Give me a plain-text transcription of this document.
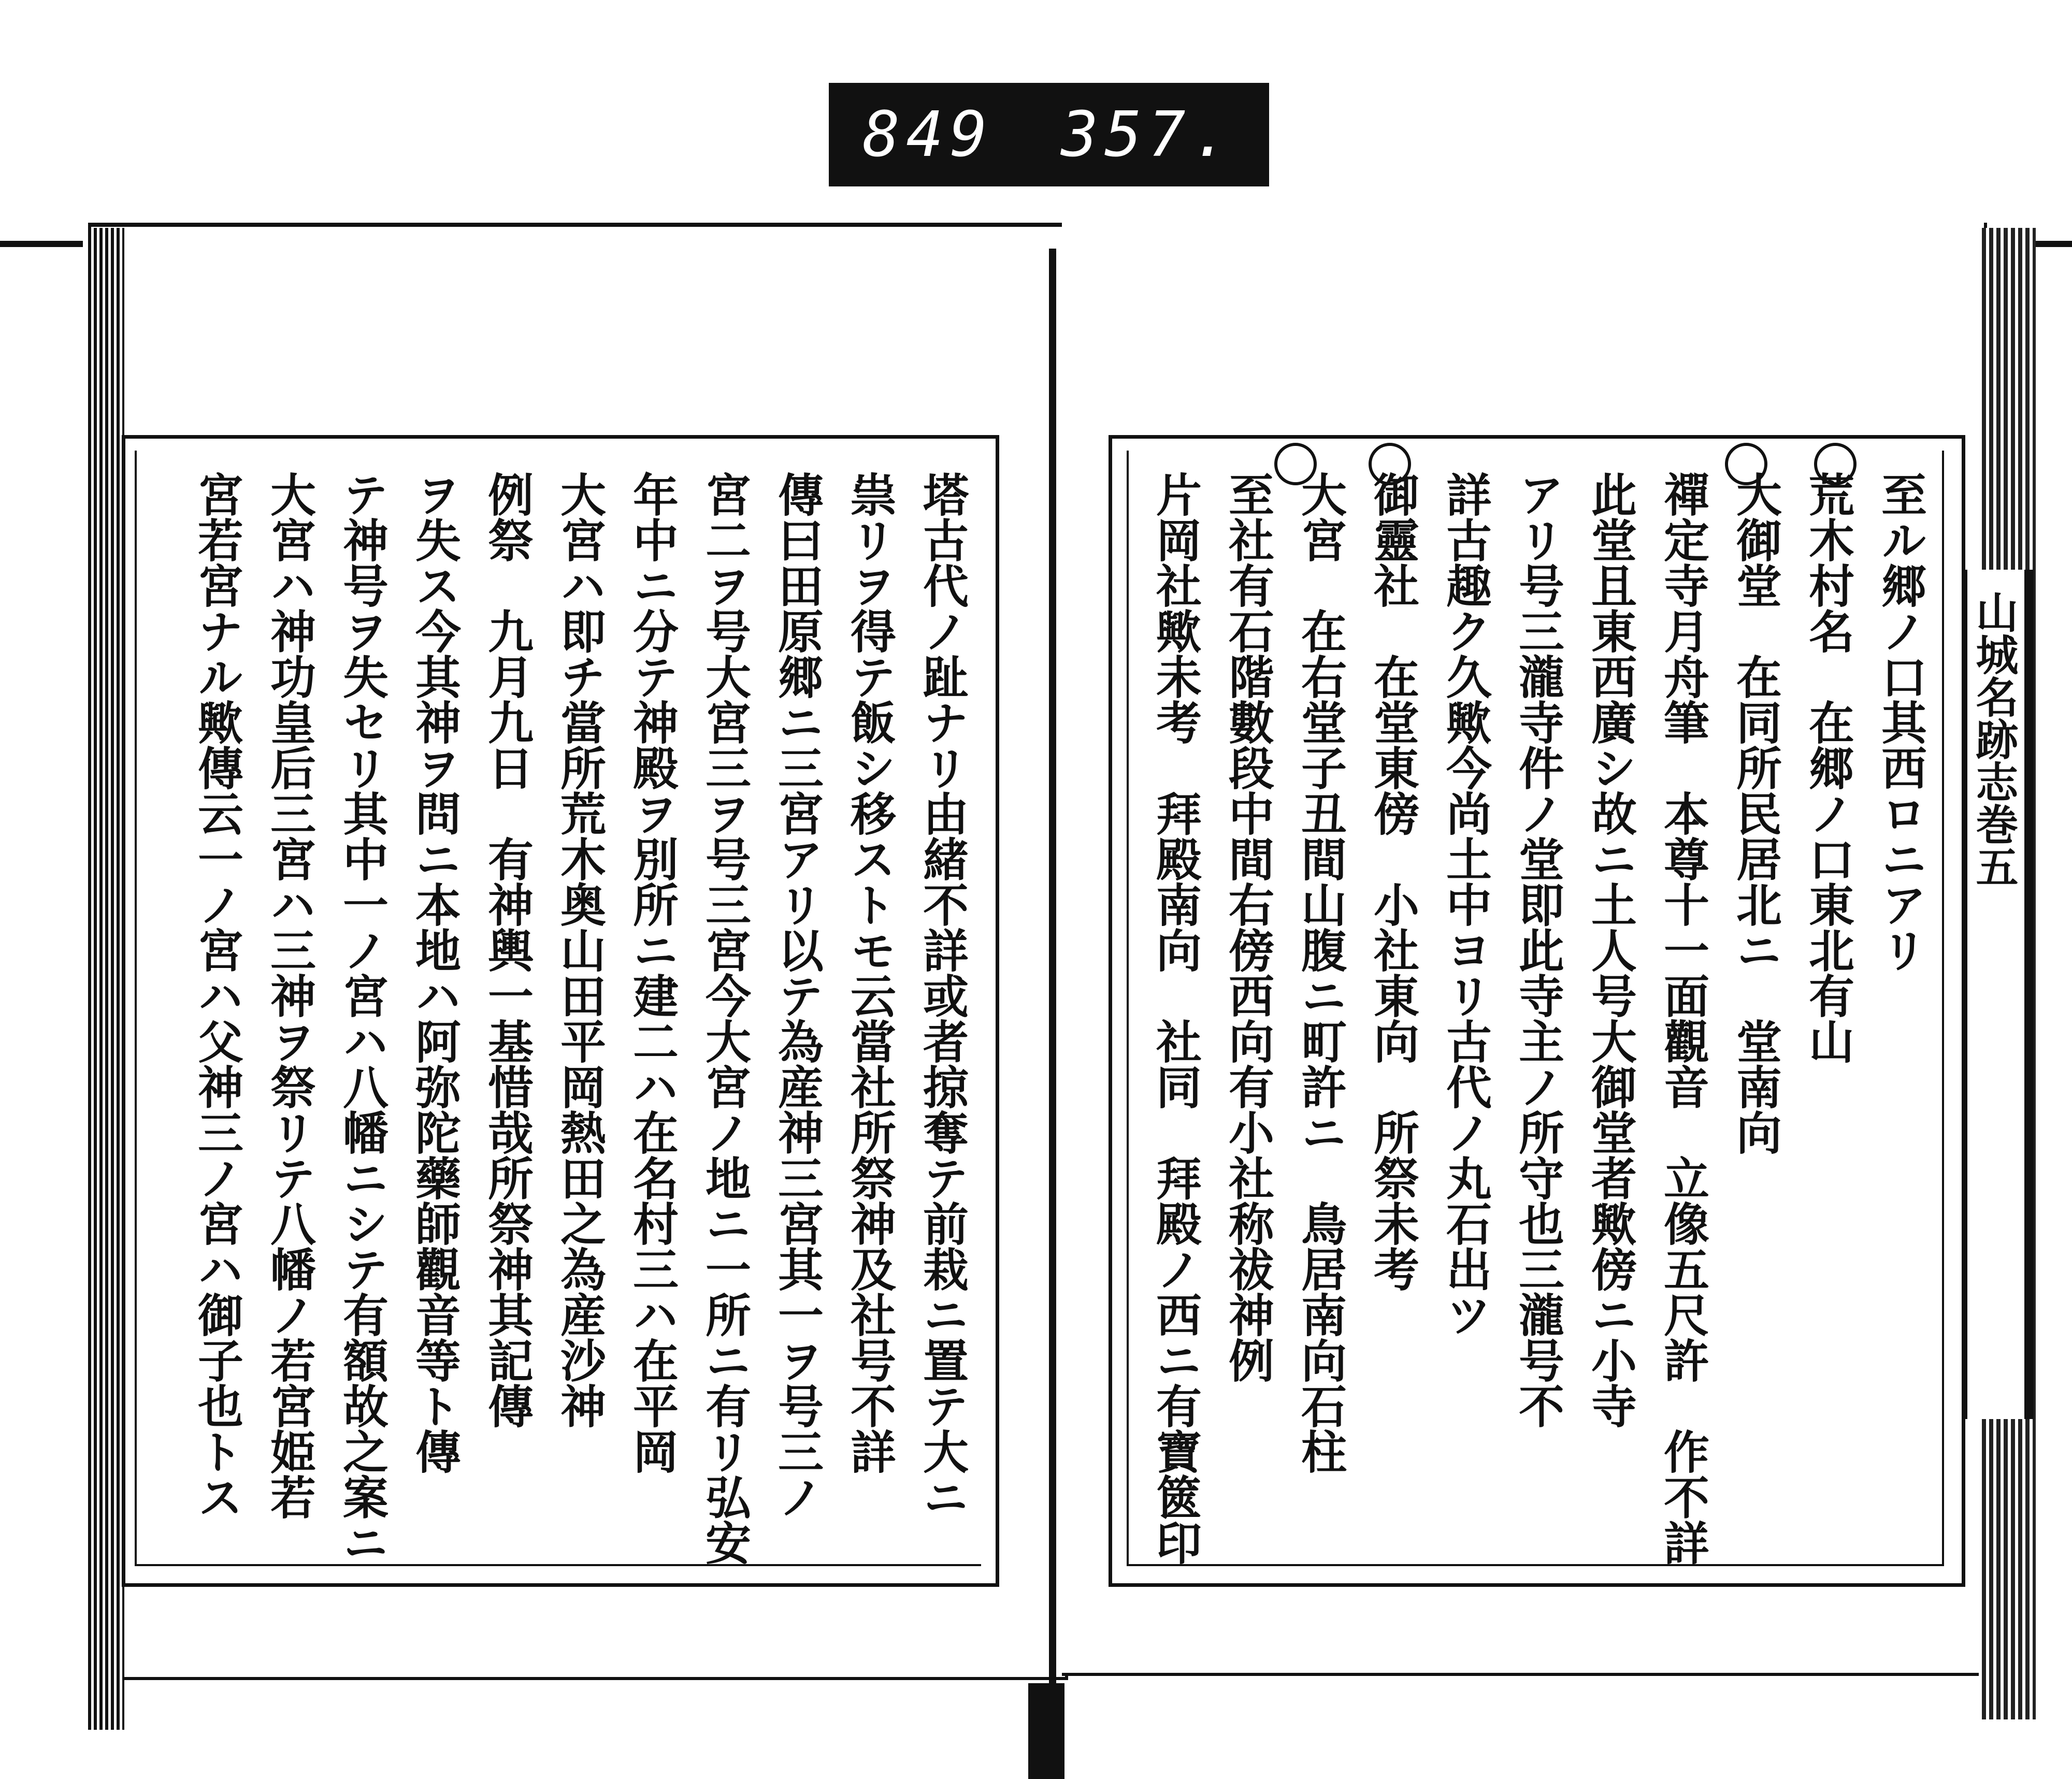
849 357.
山城名跡志巻五
至ル郷ノ口其西ロニアリ
荒木村名　在郷ノ口東北有山
大御堂　在同所民居北ニ　堂南向
禪定寺月舟筆　本尊十一面觀音　立像五尺許　作不詳
此堂且東西廣シ故ニ土人号大御堂者歟傍ニ小寺
アリ号三瀧寺件ノ堂即此寺主ノ所守也三瀧号不
詳古趣ク久歟今尚土中ヨリ古代ノ丸石出ツ
御靈社　在堂東傍　小社東向　所祭未考
大宮　在右堂子丑間山腹ニ町許ニ　鳥居南向石柱
至社有石階數段中間右傍西向有小社称祓神例
片岡社歟未考　拜殿南向　社同　拜殿ノ西ニ有寶篋印
塔古代ノ趾ナリ由緒不詳或者掠奪テ前栽ニ置テ大ニ
祟リヲ得テ飯シ移ストモ云當社所祭神及社号不詳
傳曰田原郷ニ三宮アリ以テ為産神三宮其一ヲ号三ノ
宮二ヲ号大宮三ヲ号三宮今大宮ノ地ニ一所ニ有リ弘安
年中ニ分テ神殿ヲ別所ニ建二ハ在名村三ハ在平岡
大宮ハ即チ當所荒木奥山田平岡熱田之為産沙神
例祭　九月九日　有神輿一基惜哉所祭神其記傳
ヲ失ス今其神ヲ問ニ本地ハ阿弥陀藥師觀音等ト傳
テ神号ヲ失セリ其中一ノ宮ハ八幡ニシテ有額故之案ニ
大宮ハ神功皇后三宮ハ三神ヲ祭リテ八幡ノ若宮姫若
宮若宮ナル歟傳云一ノ宮ハ父神三ノ宮ハ御子也トス
